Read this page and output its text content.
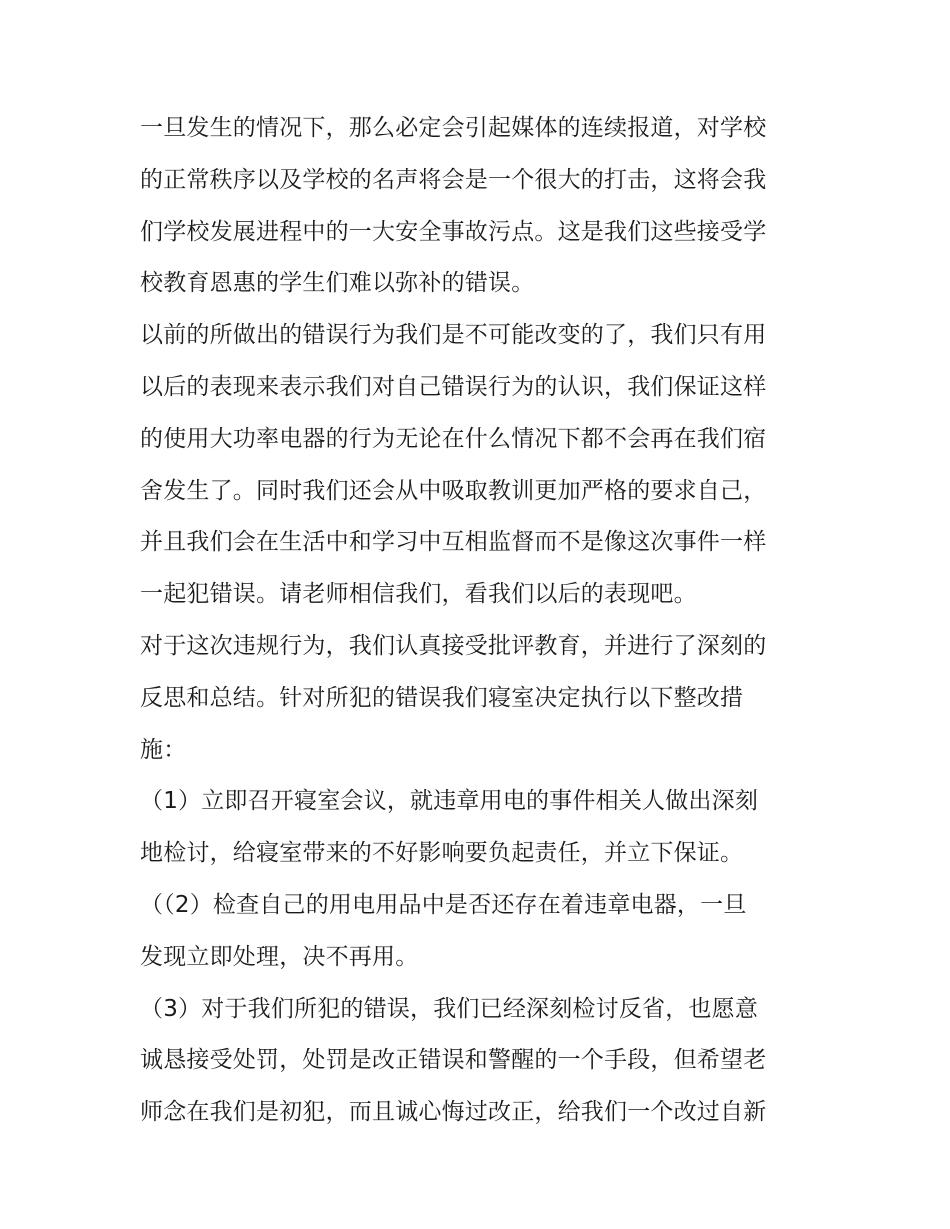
一旦发生的情况下，那么必定会引起媒体的连续报道，对学校
的正常秩序以及学校的名声将会是一个很大的打击，这将会我
们学校发展进程中的一大安全事故污点。这是我们这些接受学
校教育恩惠的学生们难以弥补的错误。
以前的所做出的错误行为我们是不可能改变的了，我们只有用
以后的表现来表示我们对自己错误行为的认识，我们保证这样
的使用大功率电器的行为无论在什么情况下都不会再在我们宿
舍发生了。同时我们还会从中吸取教训更加严格的要求自己，
并且我们会在生活中和学习中互相监督而不是像这次事件一样
一起犯错误。请老师相信我们，看我们以后的表现吧。
对于这次违规行为，我们认真接受批评教育，并进行了深刻的
反思和总结。针对所犯的错误我们寝室决定执行以下整改措
施：
（1）立即召开寝室会议，就违章用电的事件相关人做出深刻
地检讨，给寝室带来的不好影响要负起责任，并立下保证。
（（2）检查自己的用电用品中是否还存在着违章电器，一旦
发现立即处理，决不再用。
（3）对于我们所犯的错误，我们已经深刻检讨反省，也愿意
诚恳接受处罚，处罚是改正错误和警醒的一个手段，但希望老
师念在我们是初犯，而且诚心悔过改正，给我们一个改过自新
